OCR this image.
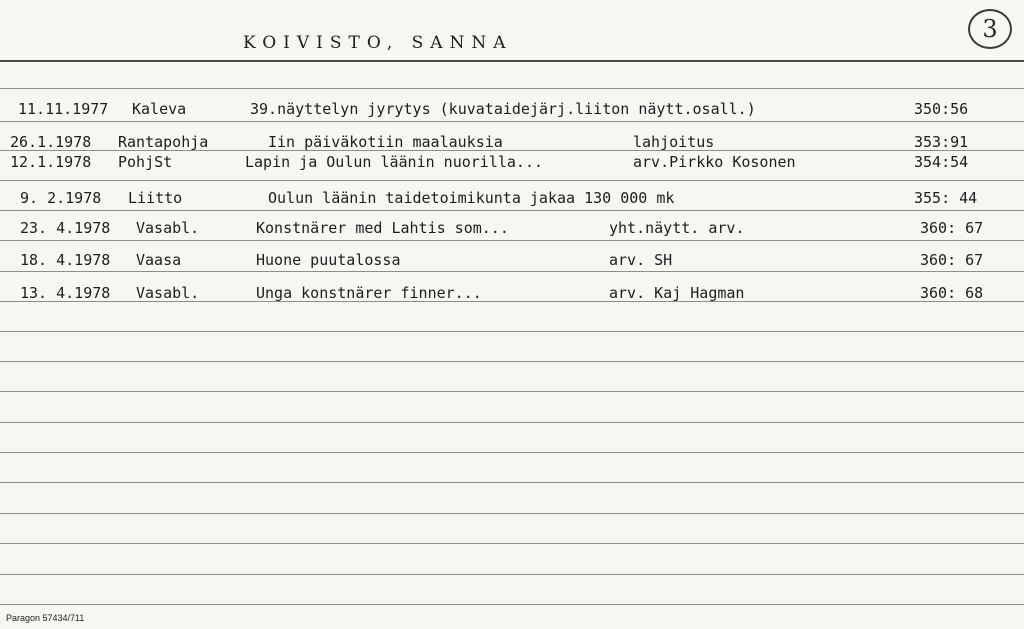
KOIVISTO, SANNA	3
11.11.1977 Kaleva	39.näyttelyn jyrytys (kuvataidejärj.liiton näytt.osall.)	350:56
26.1.1978 Rantapohja	Iin päiväkotiin maalauksia	lahjoitus	353:91
12.1.1978 PohjSt	Lapin ja Oulun läänin nuorilla...	arv.Pirkko Kosonen	354:54
9. 2.1978 Liitto	Oulun läänin taidetoimikunta jakaa 130 000 mk	355: 44
23. 4.1978 Vasabl.	Konstnärer med Lahtis som...	yht.näytt. arv.	360: 67
18. 4.1978 Vaasa	Huone puutalossa	arv. SH	360: 67
13. 4.1978 Vasabl.	Unga konstnärer finner...	arv. Kaj Hagman	360: 68
Paragon 57434/711
